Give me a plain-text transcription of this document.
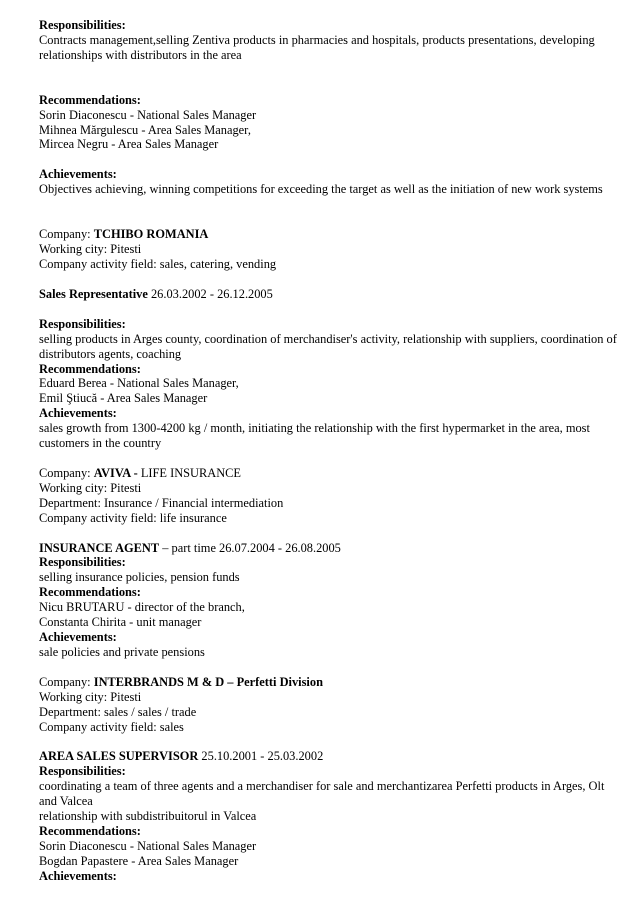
Responsibilities:

Contracts management,selling Zentiva products in pharmacies and hospitals, products presentations, developing relationships with distributors in the area

Recommendations:

Sorin Diaconescu - National Sales Manager

Mihnea Mărgulescu - Area Sales Manager,

Mircea Negru - Area Sales Manager

Achievements:

Objectives achieving, winning competitions for exceeding the target as well as the initiation of new work systems

Company: TCHIBO ROMANIA

Working city: Pitesti

Company activity field: sales, catering, vending

Sales Representative 26.03.2002 - 26.12.2005

Responsibilities:

selling products in Arges county, coordination of merchandiser's activity, relationship with suppliers, coordination of distributors agents, coaching

Recommendations:

Eduard Berea - National Sales Manager,

Emil Ştiucă - Area Sales Manager

Achievements:

sales growth from 1300-4200 kg / month, initiating the relationship with the first hypermarket in the area, most customers in the country

Company: AVIVA - LIFE INSURANCE

Working city: Pitesti

Department: Insurance / Financial intermediation

Company activity field: life insurance

INSURANCE AGENT – part time 26.07.2004 - 26.08.2005

Responsibilities:

selling insurance policies, pension funds

Recommendations:

Nicu BRUTARU - director of the branch,

Constanta Chirita - unit manager

Achievements:

sale policies and private pensions

Company: INTERBRANDS M & D – Perfetti Division

Working city: Pitesti

Department: sales / sales / trade

Company activity field: sales

AREA SALES SUPERVISOR 25.10.2001 - 25.03.2002

Responsibilities:

coordinating a team of three agents and a merchandiser for sale and merchantizarea Perfetti products in Arges, Olt and Valcea

relationship with subdistribuitorul in Valcea

Recommendations:

Sorin Diaconescu - National Sales Manager

Bogdan Papastere - Area Sales Manager

Achievements:
